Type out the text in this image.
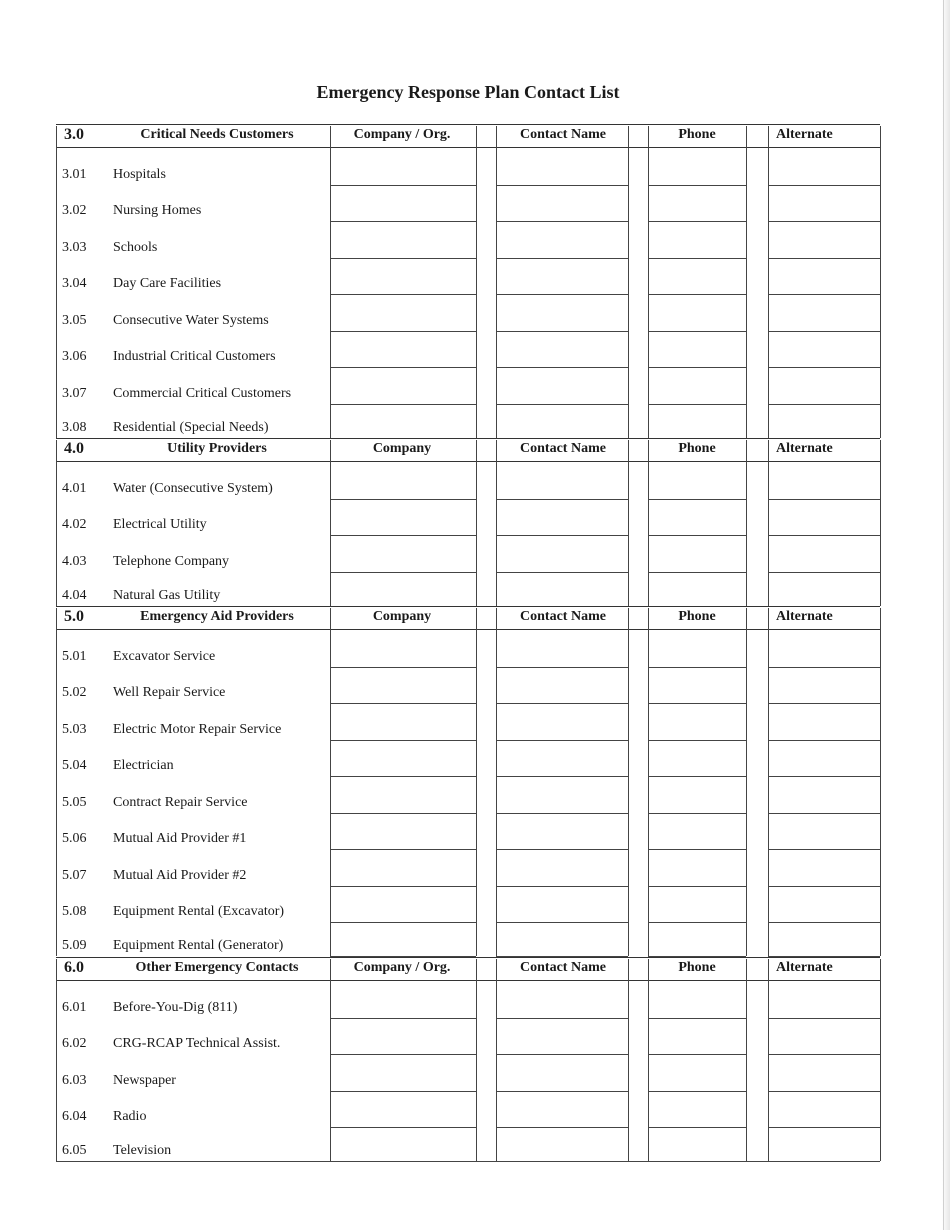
Emergency Response Plan Contact List
3.0	Critical Needs Customers	Company / Org.	Contact Name	Phone	Alternate
3.01 Hospitals
3.02 Nursing Homes
3.03 Schools
3.04 Day Care Facilities
3.05 Consecutive Water Systems
3.06 Industrial Critical Customers
3.07 Commercial Critical Customers
3.08 Residential (Special Needs)
4.0	Utility Providers	Company	Contact Name	Phone	Alternate
4.01 Water (Consecutive System)
4.02 Electrical Utility
4.03 Telephone Company
4.04 Natural Gas Utility
5.0	Emergency Aid Providers	Company	Contact Name	Phone	Alternate
5.01 Excavator Service
5.02 Well Repair Service
5.03 Electric Motor Repair Service
5.04 Electrician
5.05 Contract Repair Service
5.06 Mutual Aid Provider #1
5.07 Mutual Aid Provider #2
5.08 Equipment Rental (Excavator)
5.09 Equipment Rental (Generator)
6.0	Other Emergency Contacts	Company / Org.	Contact Name	Phone	Alternate
6.01 Before-You-Dig (811)
6.02 CRG-RCAP Technical Assist.
6.03 Newspaper
6.04 Radio
6.05 Television
